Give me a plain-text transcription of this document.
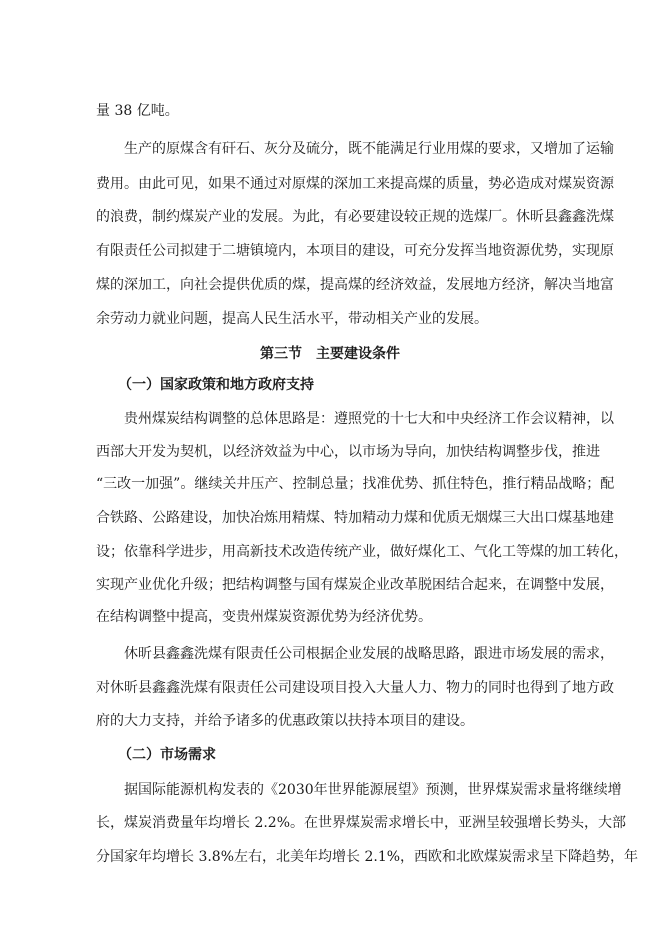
量 38 亿吨。
生产的原煤含有矸石、灰分及硫分，既不能满足行业用煤的要求，又增加了运输
费用。由此可见，如果不通过对原煤的深加工来提高煤的质量，势必造成对煤炭资源
的浪费，制约煤炭产业的发展。为此，有必要建设较正规的选煤厂。休昕县鑫鑫洗煤
有限责任公司拟建于二塘镇境内，本项目的建设，可充分发挥当地资源优势，实现原
煤的深加工，向社会提供优质的煤，提高煤的经济效益，发展地方经济，解决当地富
余劳动力就业问题，提高人民生活水平，带动相关产业的发展。
第三节　主要建设条件
（一）国家政策和地方政府支持
贵州煤炭结构调整的总体思路是：遵照党的十七大和中央经济工作会议精神，以
西部大开发为契机，以经济效益为中心，以市场为导向，加快结构调整步伐，推进
“三改一加强”。继续关井压产、控制总量；找准优势、抓住特色，推行精品战略；配
合铁路、公路建设，加快冶炼用精煤、特加精动力煤和优质无烟煤三大出口煤基地建
设；依靠科学进步，用高新技术改造传统产业，做好煤化工、气化工等煤的加工转化，
实现产业优化升级；把结构调整与国有煤炭企业改革脱困结合起来，在调整中发展，
在结构调整中提高，变贵州煤炭资源优势为经济优势。
休昕县鑫鑫洗煤有限责任公司根据企业发展的战略思路，跟进市场发展的需求，
对休昕县鑫鑫洗煤有限责任公司建设项目投入大量人力、物力的同时也得到了地方政
府的大力支持，并给予诸多的优惠政策以扶持本项目的建设。
（二）市场需求
据国际能源机构发表的《2030年世界能源展望》预测，世界煤炭需求量将继续增
长，煤炭消费量年均增长 2.2%。在世界煤炭需求增长中，亚洲呈较强增长势头，大部
分国家年均增长 3.8%左右，北美年均增长 2.1%，西欧和北欧煤炭需求呈下降趋势，年
